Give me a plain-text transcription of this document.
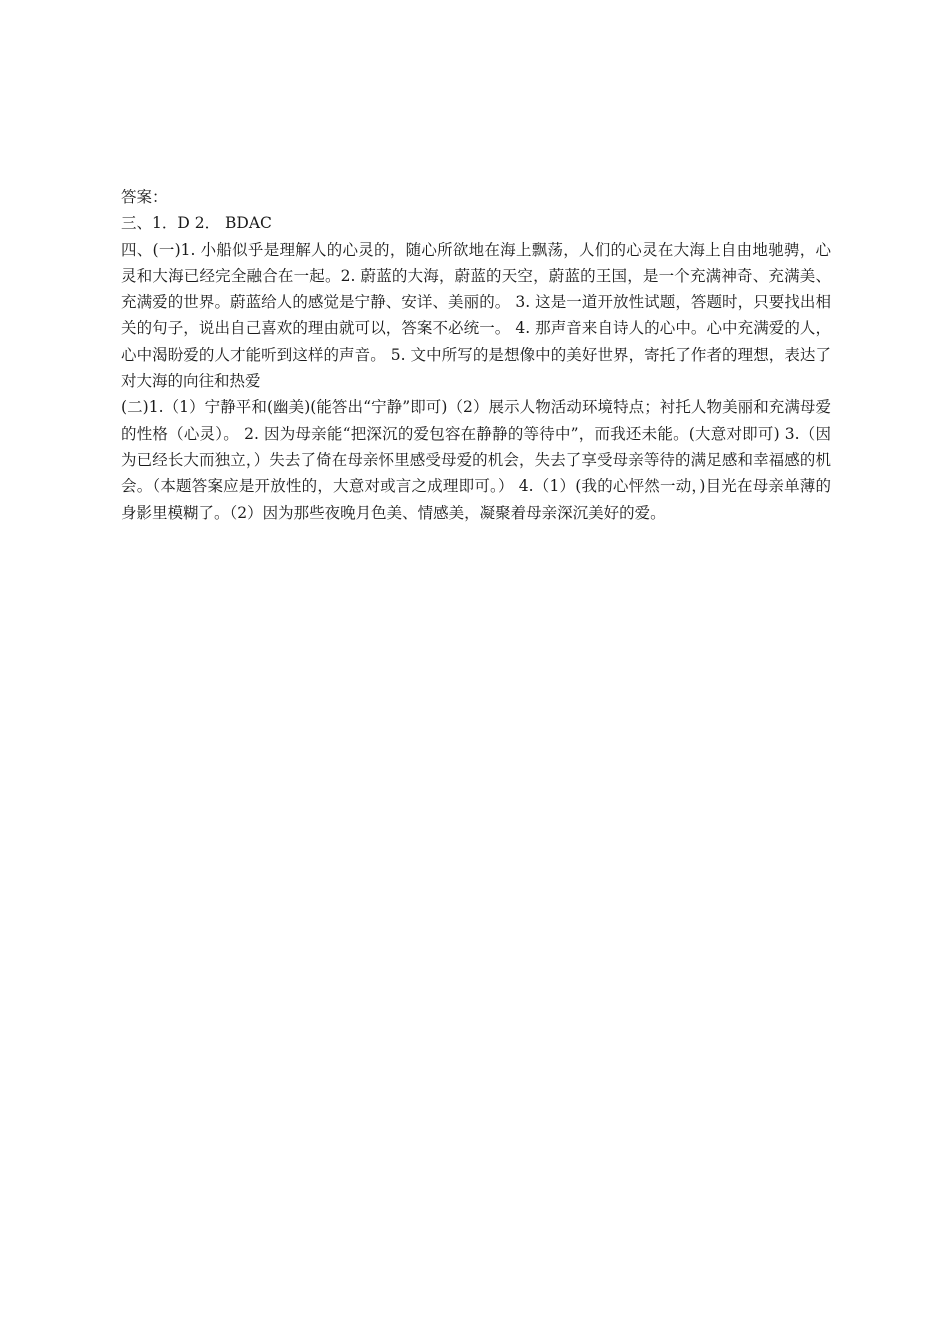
答案：

三、1．D 2． BDAC

四、(一)1. 小船似乎是理解人的心灵的，随心所欲地在海上飘荡，人们的心灵在大海上自由地驰骋，心灵和大海已经完全融合在一起。2. 蔚蓝的大海，蔚蓝的天空，蔚蓝的王国，是一个充满神奇、充满美、充满爱的世界。蔚蓝给人的感觉是宁静、安详、美丽的。 3. 这是一道开放性试题，答题时，只要找出相关的句子，说出自己喜欢的理由就可以，答案不必统一。 4. 那声音来自诗人的心中。心中充满爱的人，心中渴盼爱的人才能听到这样的声音。 5. 文中所写的是想像中的美好世界，寄托了作者的理想，表达了对大海的向往和热爱

(二)1.（1）宁静平和(幽美)(能答出“宁静”即可)（2）展示人物活动环境特点；衬托人物美丽和充满母爱的性格（心灵）。 2. 因为母亲能“把深沉的爱包容在静静的等待中”，而我还未能。(大意对即可) 3.（因为已经长大而独立，）失去了倚在母亲怀里感受母爱的机会，失去了享受母亲等待的满足感和幸福感的机会。（本题答案应是开放性的，大意对或言之成理即可。） 4.（1）(我的心怦然一动，)目光在母亲单薄的身影里模糊了。（2）因为那些夜晚月色美、情感美，凝聚着母亲深沉美好的爱。
